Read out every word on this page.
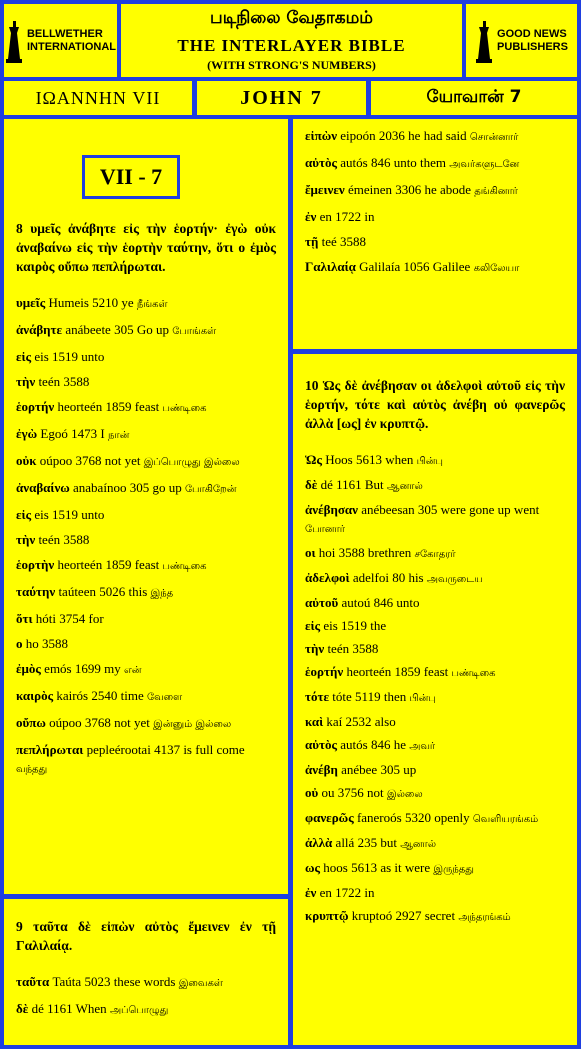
BELLWETHER
INTERNATIONAL
படிநிலை வேதாகமம்
THE INTERLAYER BIBLE
(WITH STRONG'S NUMBERS)
GOOD NEWS
PUBLISHERS
ΙΩΑΝΝΗΝ VII	JOHN 7	யோவான் 7
8 υμεῖς ἀνάβητε εἰς τὴν ἑορτήν· ἐγὼ οὐκ ἀναβαίνω εἰς τὴν ἑορτὴν ταύτην, ὅτι ο ἐμὸς καιρὸς οὔπω πεπλήρωται.
υμεῖς Humeis 5210 ye நீங்கள்
ἀνάβητε anábeete 305 Go up போங்கள்
εἰς eis 1519 unto
τὴν teén 3588
ἑορτήν heorteén 1859 feast பண்டிகை
ἐγὼ Egoó 1473 I நான்
οὐκ oúpoo 3768 not yet இப்பொழுது இல்லை
ἀναβαίνω anabaínoo 305 go up போகிறேன்
εἰς eis 1519 unto
τὴν teén 3588
ἑορτὴν heorteén 1859 feast பண்டிகை
ταύτην taúteen 5026 this இந்த
ὅτι hóti 3754 for
ο ho 3588
ἐμὸς emós 1699 my என்
καιρὸς kairós 2540 time வேளை
οὔπω oúpoo 3768 not yet இன்னும் இல்லை
πεπλήρωται pepleérootai 4137 is full come வந்தது
VII - 7
9 ταῦτα δὲ εἰπὼν αὐτὸς ἔμεινεν ἐν τῇ Γαλιλαίᾳ.
ταῦτα Taúta 5023 these words இவைகள்
δὲ dé 1161 When அப்பொழுது
εἰπὼν eipoón 2036 he had said சொன்னார்
αὐτὸς autós 846 unto them அவர்களுடனே
ἔμεινεν émeinen 3306 he abode தங்கினார்
ἐν en 1722 in
τῇ teé 3588
Γαλιλαίᾳ Galilaía 1056 Galilee கலிலேயா
10 Ὡς δὲ ἀνέβησαν οι ἀδελφοὶ αὐτοῦ εἰς τὴν ἑορτήν, τότε καὶ αὐτὸς ἀνέβη οὐ φανερῶς ἀλλὰ [ως] ἐν κρυπτῷ.
Ὡς Hoos 5613 when பின்பு
δὲ dé 1161 But ஆனால்
ἀνέβησαν anébeesan 305 were gone up went போனார்
οι hoi 3588 brethren சகோதரர்
ἀδελφοὶ adelfoi 80 his அவருடைய
αὐτοῦ autoú 846 unto
εἰς eis 1519 the
τὴν teén 3588
ἑορτήν heorteén 1859 feast பண்டிகை
τότε tóte 5119 then பின்பு
καὶ kaí 2532 also
αὐτὸς autós 846 he அவர்
ἀνέβη anébee 305 up
οὐ ou 3756 not இல்லை
φανερῶς faneroós 5320 openly வெளியரங்கம்
ἀλλὰ allá 235 but ஆனால்
ως hoos 5613 as it were இருந்தது
ἐν en 1722 in
κρυπτῷ kruptoó 2927 secret அந்தரங்கம்
